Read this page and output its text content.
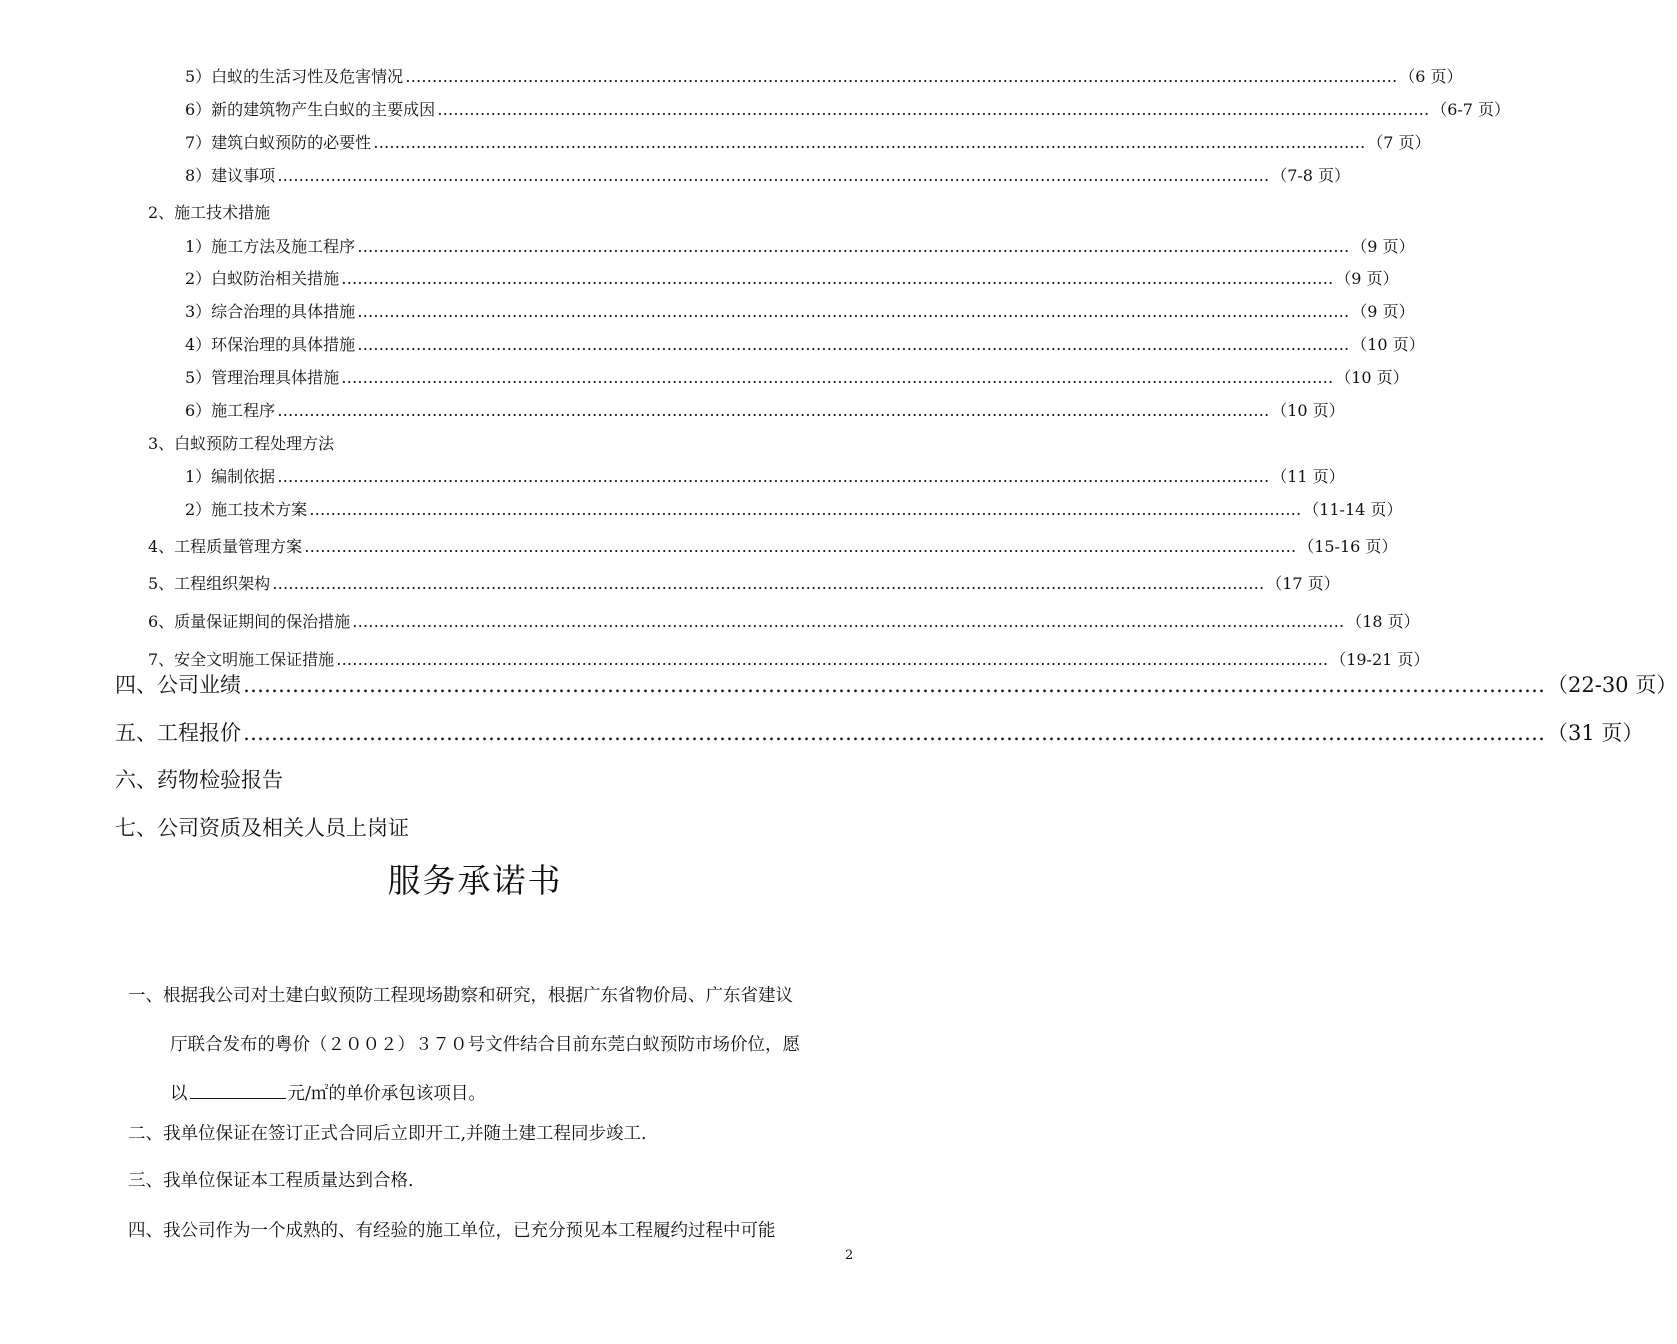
5）白蚁的生活习性及危害情况 …………………………………………………………………………………………………………………………………………………………………… （6 页）
6）新的建筑物产生白蚁的主要成因 …………………………………………………………………………………………………………………………………………………………………… （6-7 页）
7）建筑白蚁预防的必要性 …………………………………………………………………………………………………………………………………………………………………… （7 页）
8）建议事项 …………………………………………………………………………………………………………………………………………………………………… （7-8 页）
2、施工技术措施
1）施工方法及施工程序 …………………………………………………………………………………………………………………………………………………………………… （9 页）
2）白蚁防治相关措施 …………………………………………………………………………………………………………………………………………………………………… （9 页）
3）综合治理的具体措施 …………………………………………………………………………………………………………………………………………………………………… （9 页）
4）环保治理的具体措施 …………………………………………………………………………………………………………………………………………………………………… （10 页）
5）管理治理具体措施 …………………………………………………………………………………………………………………………………………………………………… （10 页）
6）施工程序 …………………………………………………………………………………………………………………………………………………………………… （10 页）
3、白蚁预防工程处理方法
1）编制依据 …………………………………………………………………………………………………………………………………………………………………… （11 页）
2）施工技术方案 …………………………………………………………………………………………………………………………………………………………………… （11-14 页）
4、工程质量管理方案 …………………………………………………………………………………………………………………………………………………………………… （15-16 页）
5、工程组织架构 …………………………………………………………………………………………………………………………………………………………………… （17 页）
6、质量保证期间的保治措施 …………………………………………………………………………………………………………………………………………………………………… （18 页）
7、安全文明施工保证措施 …………………………………………………………………………………………………………………………………………………………………… （19-21 页）
四、公司业绩 …………………………………………………………………………………………………………………………………………………………………… （22-30 页）
五、工程报价 …………………………………………………………………………………………………………………………………………………………………… （31 页）
六、药物检验报告
七、公司资质及相关人员上岗证
服务承诺书
一、根据我公司对土建白蚁预防工程现场勘察和研究，根据广东省物价局、广东省建议
厅联合发布的粤价（２００２）３７０号文件结合目前东莞白蚁预防市场价位，愿
以	元/㎡的单价承包该项目。
二、我单位保证在签订正式合同后立即开工,并随土建工程同步竣工.
三、我单位保证本工程质量达到合格.
四、我公司作为一个成熟的、有经验的施工单位，已充分预见本工程履约过程中可能
2
